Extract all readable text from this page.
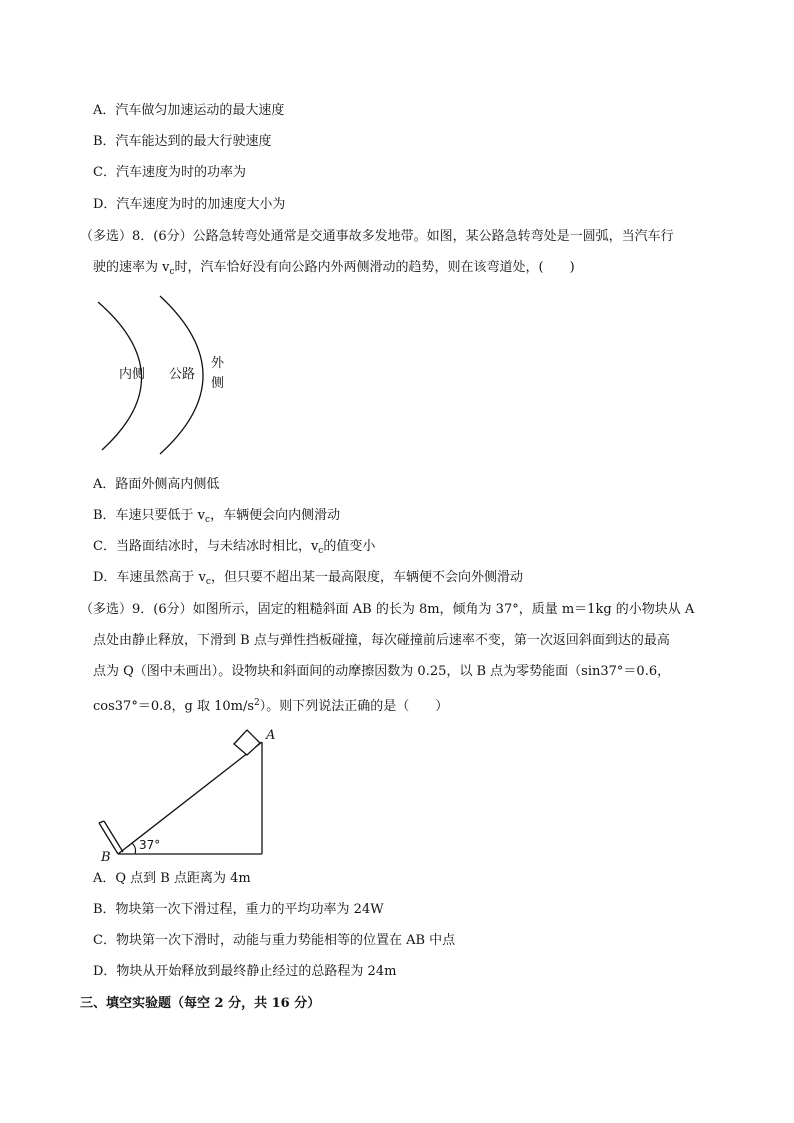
A．汽车做匀加速运动的最大速度
B．汽车能达到的最大行驶速度
C．汽车速度为时的功率为
D．汽车速度为时的加速度大小为
（多选）8．(6分）公路急转弯处通常是交通事故多发地带。如图，某公路急转弯处是一圆弧，当汽车行
驶的速率为 $v_c$时，汽车恰好没有向公路内外两侧滑动的趋势，则在该弯道处，(　　)
内侧 公路
外
侧
A．路面外侧高内侧低
B．车速只要低于 $v_c$，车辆便会向内侧滑动
C．当路面结冰时，与未结冰时相比，$v_c$的值变小
D．车速虽然高于 $v_c$，但只要不超出某一最高限度，车辆便不会向外侧滑动
（多选）9．(6分）如图所示，固定的粗糙斜面 AB 的长为 8m，倾角为 37°，质量 m＝1kg 的小物块从 A
点处由静止释放，下滑到 B 点与弹性挡板碰撞，每次碰撞前后速率不变，第一次返回斜面到达的最高
点为 Q（图中未画出）。设物块和斜面间的动摩擦因数为 0.25，以 B 点为零势能面（sin37°＝0.6，
cos37°＝0.8，g 取 $10m/s^2$）。则下列说法正确的是（　　）
37°
A
B
A．Q 点到 B 点距离为 4m
B．物块第一次下滑过程，重力的平均功率为 24W
C．物块第一次下滑时，动能与重力势能相等的位置在 AB 中点
D．物块从开始释放到最终静止经过的总路程为 24m
三、填空实验题（每空 2 分，共 16 分）
